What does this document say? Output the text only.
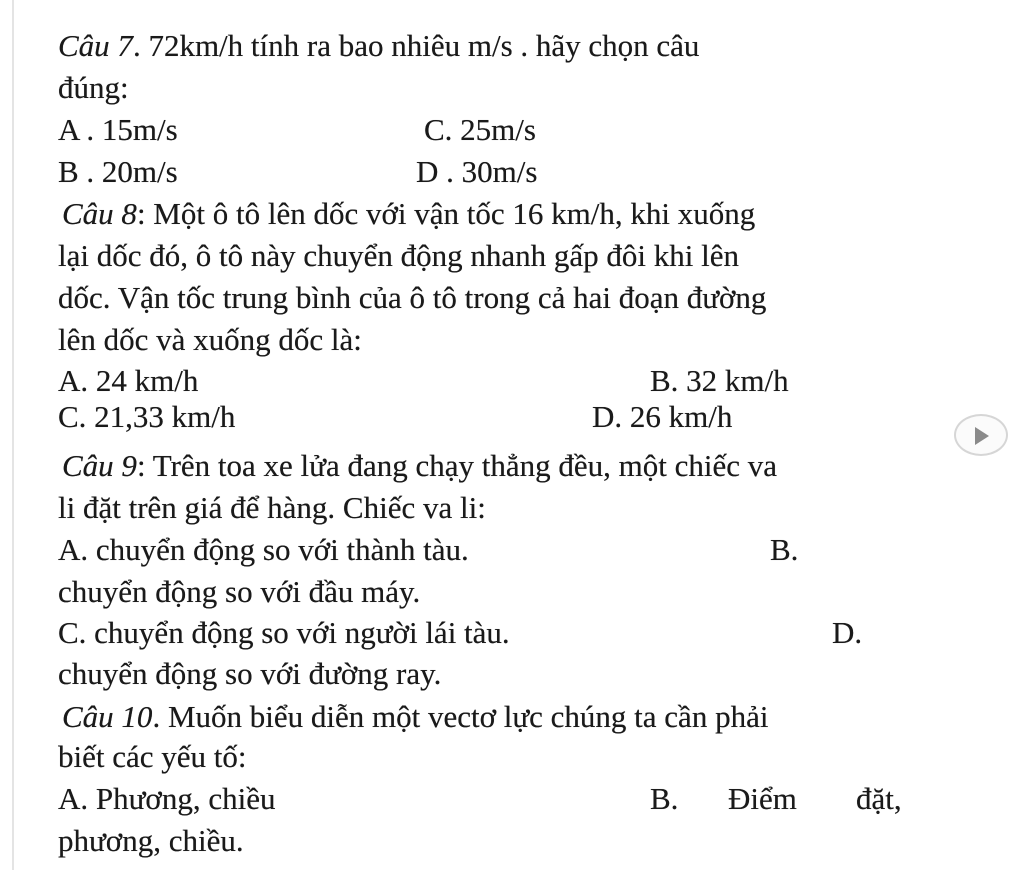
Câu 7. 72km/h tính ra bao nhiêu m/s . hãy chọn câu
đúng:
A . 15m/s	C. 25m/s
B . 20m/s	D . 30m/s
Câu 8: Một ô tô lên dốc với vận tốc 16 km/h, khi xuống
lại dốc đó, ô tô này chuyển động nhanh gấp đôi khi lên
dốc. Vận tốc trung bình của ô tô trong cả hai đoạn đường
lên dốc và xuống dốc là:
A. 24 km/h	B. 32 km/h
C. 21,33 km/h	D. 26 km/h
Câu 9: Trên toa xe lửa đang chạy thẳng đều, một chiếc va
li đặt trên giá để hàng. Chiếc va li:
A. chuyển động so với thành tàu.	B.
chuyển động so với đầu máy.
C. chuyển động so với người lái tàu.	D.
chuyển động so với đường ray.
Câu 10. Muốn biểu diễn một vectơ lực chúng ta cần phải
biết các yếu tố:
A. Phương, chiều	B. Điểm đặt,
phương, chiều.
